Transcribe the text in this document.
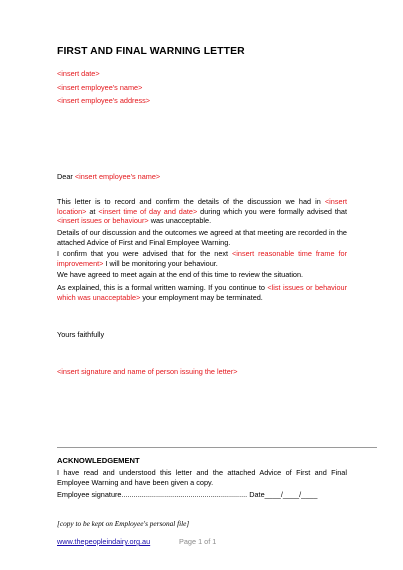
FIRST AND FINAL WARNING LETTER
<insert date>
<insert employee's name>
<insert employee's address>
Dear <insert employee's name>
This letter is to record and confirm the details of the discussion we had in <insert location> at <insert time of day and date> during which you were formally advised that <insert issues or behaviour> was unacceptable.
Details of our discussion and the outcomes we agreed at that meeting are recorded in the attached Advice of First and Final Employee Warning.
I confirm that you were advised that for the next <insert reasonable time frame for improvement> I will be monitoring your behaviour.
We have agreed to meet again at the end of this time to review the situation.
As explained, this is a formal written warning. If you continue to <list issues or behaviour which was unacceptable> your employment may be terminated.
Yours faithfully
<insert signature and name of person issuing the letter>
ACKNOWLEDGEMENT
I have read and understood this letter and the attached Advice of First and Final Employee Warning and have been given a copy.
Employee signature.............................................................. Date____/____/____
[copy to be kept on Employee's personal file]
www.thepeopleindairy.org.au	Page 1 of 1
